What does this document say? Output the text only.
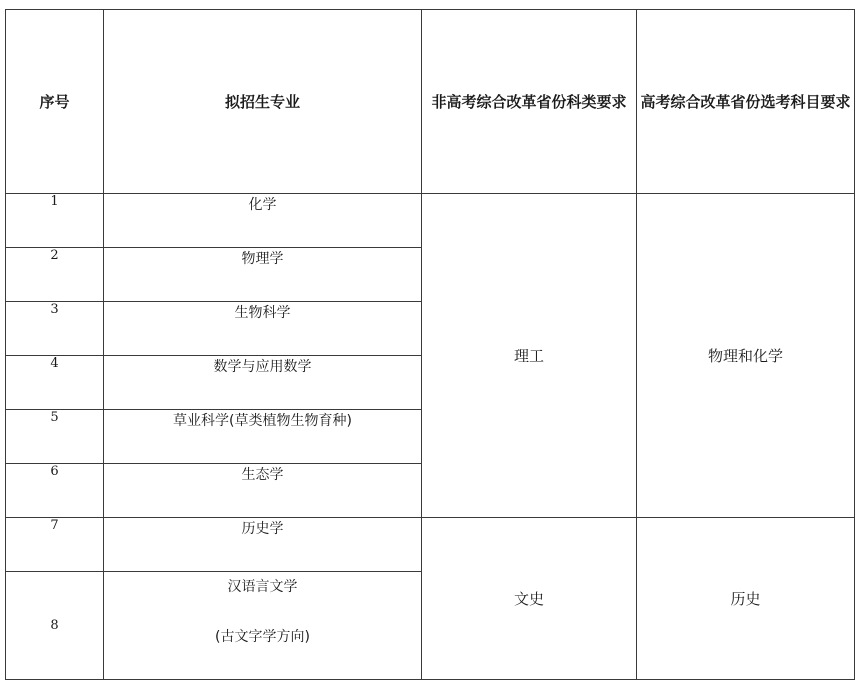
序号	拟招生专业	非高考综合改革省份科类要求	高考综合改革省份选考科目要求

1	化学	理工	物理和化学
2	物理学		
3	生物科学		
4	数学与应用数学		
5	草业科学(草类植物生物育种)		
6	生态学		
7	历史学	文史	历史
8	汉语言文学
(古文字学方向)		
